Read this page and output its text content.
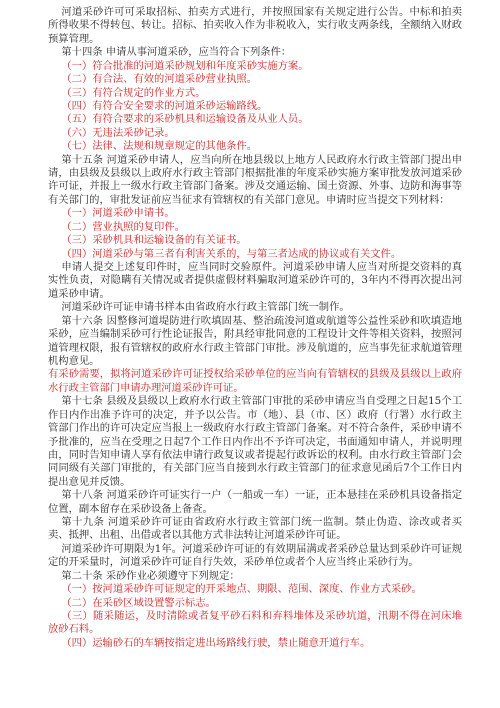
河道采砂许可可采取招标、拍卖方式进行，并按照国家有关规定进行公告。中标和拍卖所得收果不得转包、转让。招标、拍卖收入作为非税收入，实行收支两条线，全额纳入财政预算管理。

第十四条 申请从事河道采砂，应当符合下列条件：

（一）符合批准的河道采砂规划和年度采砂实施方案。

（二）有合法、有效的河道采砂营业执照。

（三）有符合规定的作业方式。

（四）有符合安全要求的河道采砂运输路线。

（五）有符合要求的采砂机具和运输设备及从业人员。

（六）无违法采砂记录。

（七）法律、法规和规章规定的其他条件。

第十五条 河道采砂申请人，应当向所在地县级以上地方人民政府水行政主管部门提出申请，由县级及县级以上政府水行政主管部门根据批准的年度采砂实施方案审批发放河道采砂许可证，并报上一级水行政主管部门备案。涉及交通运输、国土资源、外事、边防和海事等有关部门的，审批发证前应当征求有管辖权的有关部门意见。申请时应当提交下列材料：

（一）河道采砂申请书。

（二）营业执照的复印件。

（三）采砂机具和运输设备的有关证书。

（四）河道采砂与第三者有利害关系的，与第三者达成的协议或有关文件。

申请人提交上述复印件时，应当同时交验原件。河道采砂申请人应当对所提交资料的真实性负责，对隐瞒有关情况或者提供虚假材料骗取河道采砂许可的，3年内不得再次提出河道采砂申请。

河道采砂许可证申请书样本由省政府水行政主管部门统一制作。

第十六条 因整修河道堤防进行吹填固基、整治疏浚河道或航道等公益性采砂和吹填造地采砂，应当编制采砂可行性论证报告，附具经审批同意的工程设计文件等相关资料，按照河道管理权限，报有管辖权的政府水行政主管部门审批。涉及航道的，应当事先征求航道管理机构意见。

有采砂需要，拟将河道采砂许可证授权给采砂单位的应当向有管辖权的县级及县级以上政府水行政主管部门申请办理河道采砂许可证。

第十七条 县级及县级以上政府水行政主管部门审批的采砂申请应当自受理之日起15个工作日内作出准予许可的决定，并予以公告。市（地）、县（市、区）政府（行署）水行政主管部门作出的许可决定应当报上一级政府水行政主管部门备案。对不符合条件，采砂申请不予批准的，应当在受理之日起7个工作日内作出不予许可决定，书面通知申请人，并说明理由，同时告知申请人享有依法申请行政复议或者提起行政诉讼的权利。由水行政主管部门会同同级有关部门审批的，有关部门应当自接到水行政主管部门的征求意见函后7个工作日内提出意见并反馈。

第十八条 河道采砂许可证实行一户（一船或一车）一证，正本悬挂在采砂机具设备指定位置，副本留存在采砂设备上备查。

第十九条 河道采砂许可证由省政府水行政主管部门统一监制。禁止伪造、涂改或者买卖、抵押、出租、出借或者以其他方式非法转让河道采砂许可证。

河道采砂许可期限为1年。河道采砂许可证的有效期届满或者采砂总量达到采砂许可证规定的开采量时，河道采砂许可证自行失效，采砂单位或者个人应当终止采砂行为。

第二十条 采砂作业必须遵守下列规定：

（一）按河道采砂许可证规定的开采地点、期限、范围、深度、作业方式采砂。

（二）在采砂区域设置警示标志。

（三）随采随运，及时清除或者复平砂石料和弃料堆体及采砂坑道，汛期不得在河床堆放砂石料。

（四）运输砂石的车辆按指定进出场路线行驶，禁止随意开道行车。
